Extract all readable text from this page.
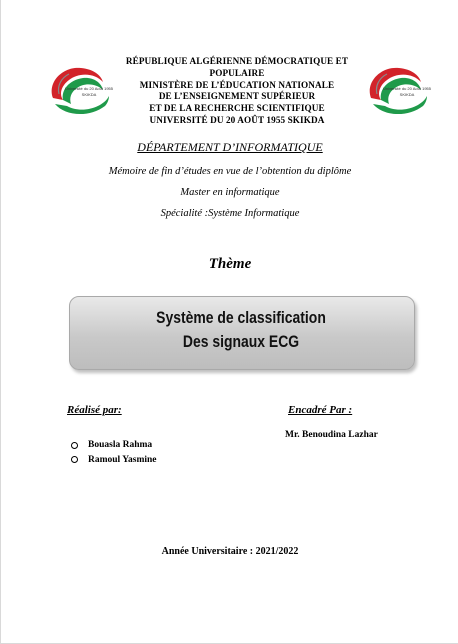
Université du 20 Août 1955
SKIKDA
Université du 20 Août 1955
SKIKDA
RÉPUBLIQUE ALGÉRIENNE DÉMOCRATIQUE ET
POPULAIRE
MINISTÈRE DE L’ÉDUCATION NATIONALE
DE L’ENSEIGNEMENT SUPÉRIEUR
ET DE LA RECHERCHE SCIENTIFIQUE
UNIVERSITÉ DU 20 AOÛT 1955 SKIKDA
DÉPARTEMENT D’INFORMATIQUE
Mémoire de fin d’études en vue de l’obtention du diplôme
Master en informatique
Spécialité :Système Informatique
Thème
Système de classification
Des signaux ECG
Réalisé par:	Encadré Par :
Mr. Benoudina Lazhar
Bouasla Rahma
Ramoul Yasmine
Année Universitaire : 2021/2022
